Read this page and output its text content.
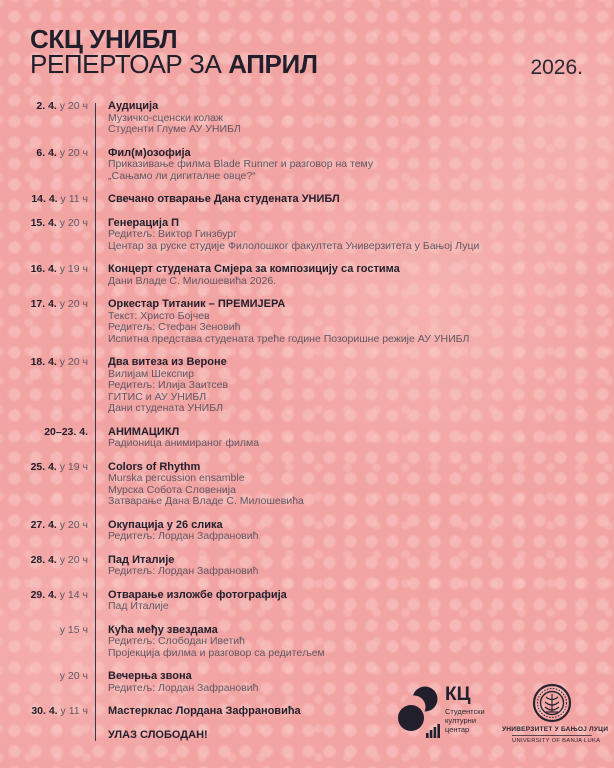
СКЦ УНИБЛ
РЕПЕРТОАР ЗА АПРИЛ	2026.
2. 4. у 20 ч Аудиција
Музичко-сценски колаж
Студенти Глуме АУ УНИБЛ
6. 4. у 20 ч Фил(м)озофија
Приказивање филма Blade Runner и разговор на тему
„Сањамо ли дигиталне овце?“
14. 4. у 11 ч Свечано отварање Дана студената УНИБЛ
15. 4. у 20 ч Генерација П
Редитељ: Виктор Гинзбург
Центар за руске студије Филолошког факултета Универзитета у Бањој Луци
16. 4. у 19 ч Концерт студената Смјера за композицију са гостима
Дани Владе С. Милошевића 2026.
17. 4. у 20 ч Оркестар Титаник – ПРЕМИЈЕРА
Текст: Христо Бојчев
Редитељ: Стефан Зеновић
Испитна представа студената треће године Позоришне режије АУ УНИБЛ
18. 4. у 20 ч Два витеза из Вероне
Вилијам Шекспир
Редитељ: Илија Заитсев
ГИТИС и АУ УНИБЛ
Дани студената УНИБЛ
20–23. 4. АНИМАЦИКЛ
Радионица анимираног филма
25. 4. у 19 ч Colors of Rhythm
Murska percussion ensamble
Мурска Собота Словенија
Затварање Дана Владе С. Милошевића
27. 4. у 20 ч Окупација у 26 слика
Редитељ: Лордан Зафрановић
28. 4. у 20 ч Пад Италије
Редитељ: Лордан Зафрановић
29. 4. у 14 ч Отварање изложбе фотографија
Пад Италије
у 15 ч Кућа међу звездама
Редитељ: Слободан Иветић
Пројекција филма и разговор са редитељем
у 20 ч Вечерња звона
Редитељ: Лордан Зафрановић
30. 4. у 11 ч Мастерклас Лордана Зафрановића
УЛАЗ СЛОБОДАН!
КЦ
Студентски
културни
центар	УНИВЕРЗИТЕТ У БАЊОЈ ЛУЦИ
UNIVERSITY OF BANJA LUKA
